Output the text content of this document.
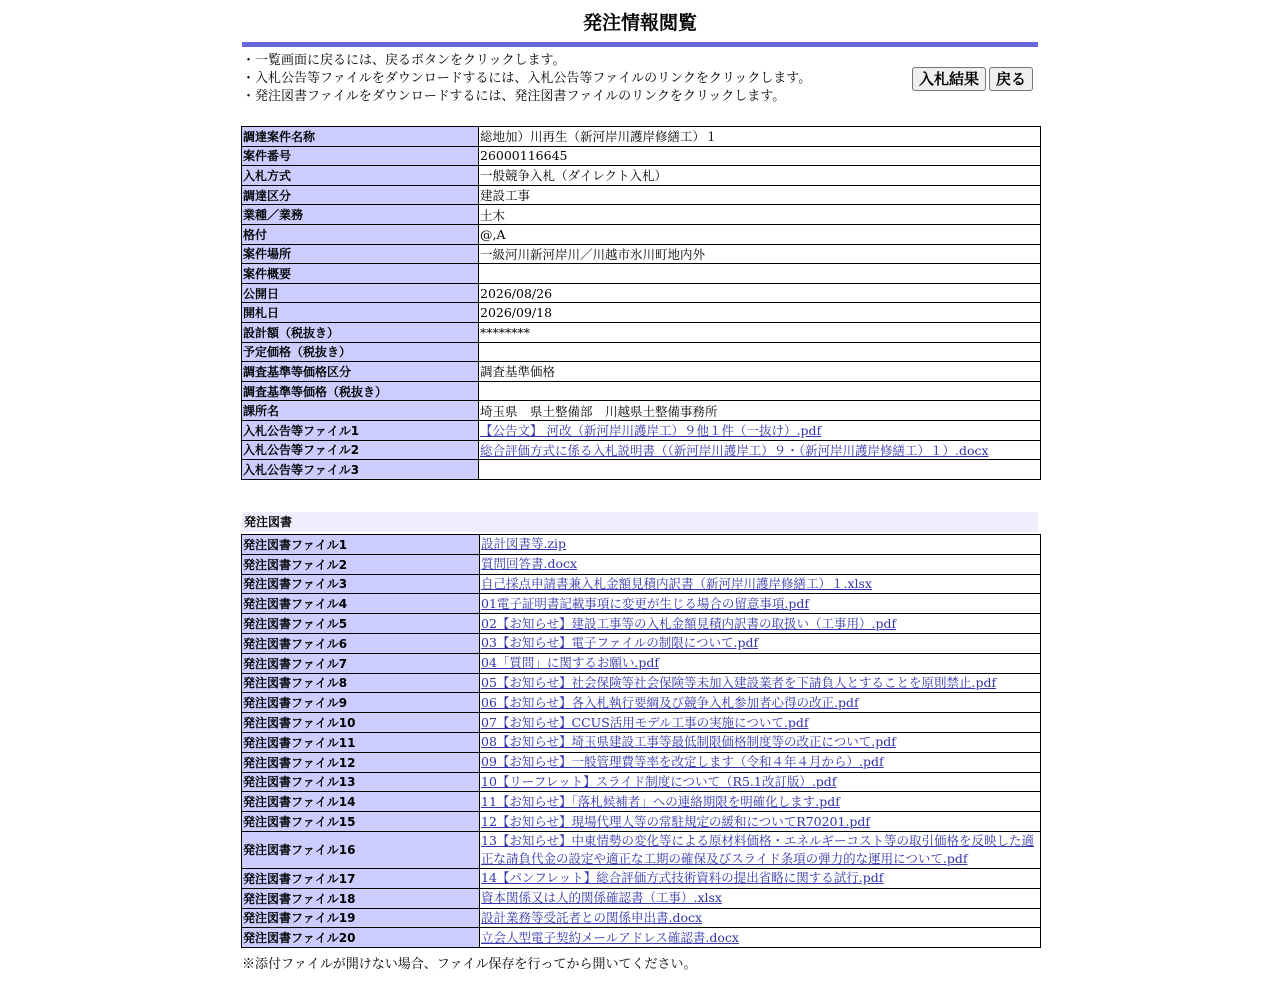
発注情報閲覧
・一覧画面に戻るには、戻るボタンをクリックします。
・入札公告等ファイルをダウンロードするには、入札公告等ファイルのリンクをクリックします。
・発注図書ファイルをダウンロードするには、発注図書ファイルのリンクをクリックします。
入札結果	戻る
調達案件名称	総地加）川再生（新河岸川護岸修繕工）１
案件番号	26000116645
入札方式	一般競争入札（ダイレクト入札）
調達区分	建設工事
業種／業務	土木
格付	@,A
案件場所	一級河川新河岸川／川越市氷川町地内外
案件概要	
公開日	2026/08/26
開札日	2026/09/18
設計額（税抜き）	********
予定価格（税抜き）	
調査基準等価格区分	調査基準価格
調査基準等価格（税抜き）	
課所名	埼玉県　県土整備部　川越県土整備事務所
入札公告等ファイル1	【公告文】 河改（新河岸川護岸工）９他１件（一抜け）.pdf
入札公告等ファイル2	総合評価方式に係る入札説明書（（新河岸川護岸工）９・（新河岸川護岸修繕工）１）.docx
入札公告等ファイル3	
発注図書
発注図書ファイル1	設計図書等.zip
発注図書ファイル2	質問回答書.docx
発注図書ファイル3	自己採点申請書兼入札金額見積内訳書（新河岸川護岸修繕工）１.xlsx
発注図書ファイル4	01電子証明書記載事項に変更が生じる場合の留意事項.pdf
発注図書ファイル5	02【お知らせ】建設工事等の入札金額見積内訳書の取扱い（工事用）.pdf
発注図書ファイル6	03【お知らせ】電子ファイルの制限について.pdf
発注図書ファイル7	04「質問」に関するお願い.pdf
発注図書ファイル8	05【お知らせ】社会保険等社会保険等未加入建設業者を下請負人とすることを原則禁止.pdf
発注図書ファイル9	06【お知らせ】各入札執行要綱及び競争入札参加者心得の改正.pdf
発注図書ファイル10	07【お知らせ】CCUS活用モデル工事の実施について.pdf
発注図書ファイル11	08【お知らせ】埼玉県建設工事等最低制限価格制度等の改正について.pdf
発注図書ファイル12	09【お知らせ】一般管理費等率を改定します（令和４年４月から）.pdf
発注図書ファイル13	10【リーフレット】スライド制度について（R5.1改訂版）.pdf
発注図書ファイル14	11【お知らせ】「落札候補者」への連絡期限を明確化します.pdf
発注図書ファイル15	12【お知らせ】現場代理人等の常駐規定の緩和についてR70201.pdf
発注図書ファイル16	13【お知らせ】中東情勢の変化等による原材料価格・エネルギーコスト等の取引価格を反映した適正な請負代金の設定や適正な工期の確保及びスライド条項の弾力的な運用について.pdf
発注図書ファイル17	14【パンフレット】総合評価方式技術資料の提出省略に関する試行.pdf
発注図書ファイル18	資本関係又は人的関係確認書（工事）.xlsx
発注図書ファイル19	設計業務等受託者との関係申出書.docx
発注図書ファイル20	立会人型電子契約メールアドレス確認書.docx
※添付ファイルが開けない場合、ファイル保存を行ってから開いてください。
